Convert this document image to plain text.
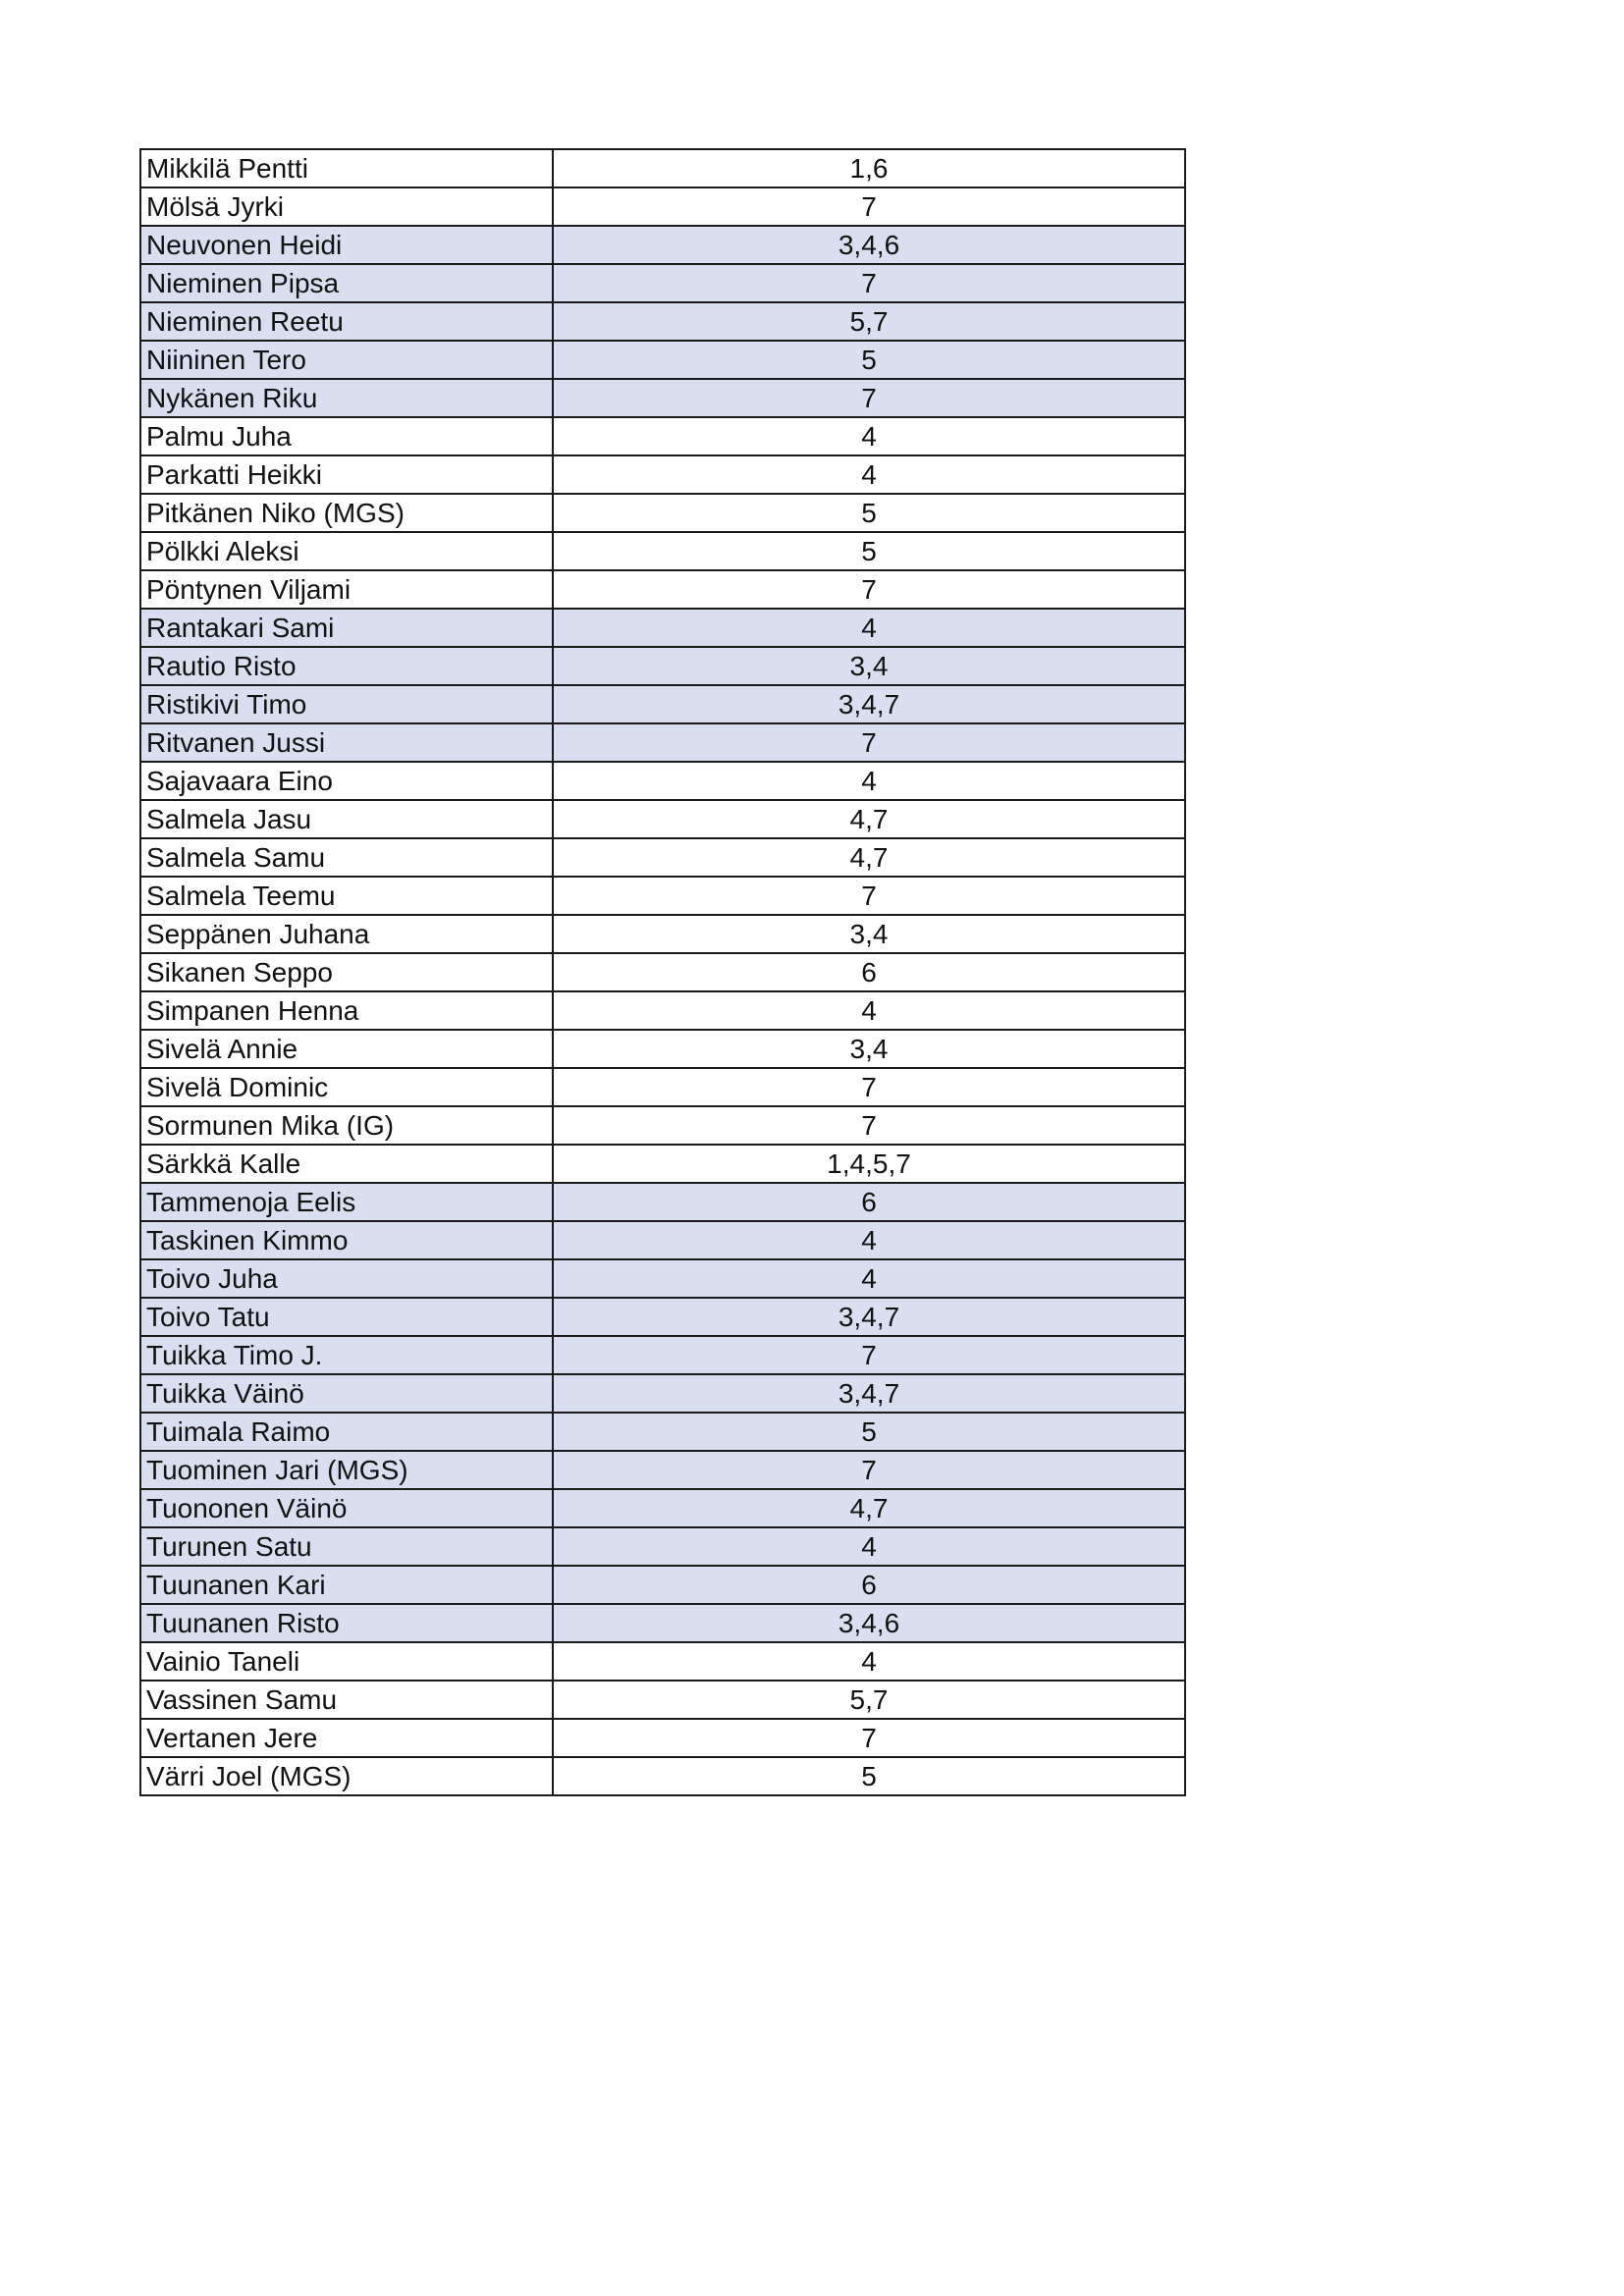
Mikkilä Pentti	1,6
Mölsä Jyrki	7
Neuvonen Heidi	3,4,6
Nieminen Pipsa	7
Nieminen Reetu	5,7
Niininen Tero	5
Nykänen Riku	7
Palmu Juha	4
Parkatti Heikki	4
Pitkänen Niko (MGS)	5
Pölkki Aleksi	5
Pöntynen Viljami	7
Rantakari Sami	4
Rautio Risto	3,4
Ristikivi Timo	3,4,7
Ritvanen Jussi	7
Sajavaara Eino	4
Salmela Jasu	4,7
Salmela Samu	4,7
Salmela Teemu	7
Seppänen Juhana	3,4
Sikanen Seppo	6
Simpanen Henna	4
Sivelä Annie	3,4
Sivelä Dominic	7
Sormunen Mika (IG)	7
Särkkä Kalle	1,4,5,7
Tammenoja Eelis	6
Taskinen Kimmo	4
Toivo Juha	4
Toivo Tatu	3,4,7
Tuikka Timo J.	7
Tuikka Väinö	3,4,7
Tuimala Raimo	5
Tuominen Jari (MGS)	7
Tuononen Väinö	4,7
Turunen Satu	4
Tuunanen Kari	6
Tuunanen Risto	3,4,6
Vainio Taneli	4
Vassinen Samu	5,7
Vertanen Jere	7
Värri Joel (MGS)	5
